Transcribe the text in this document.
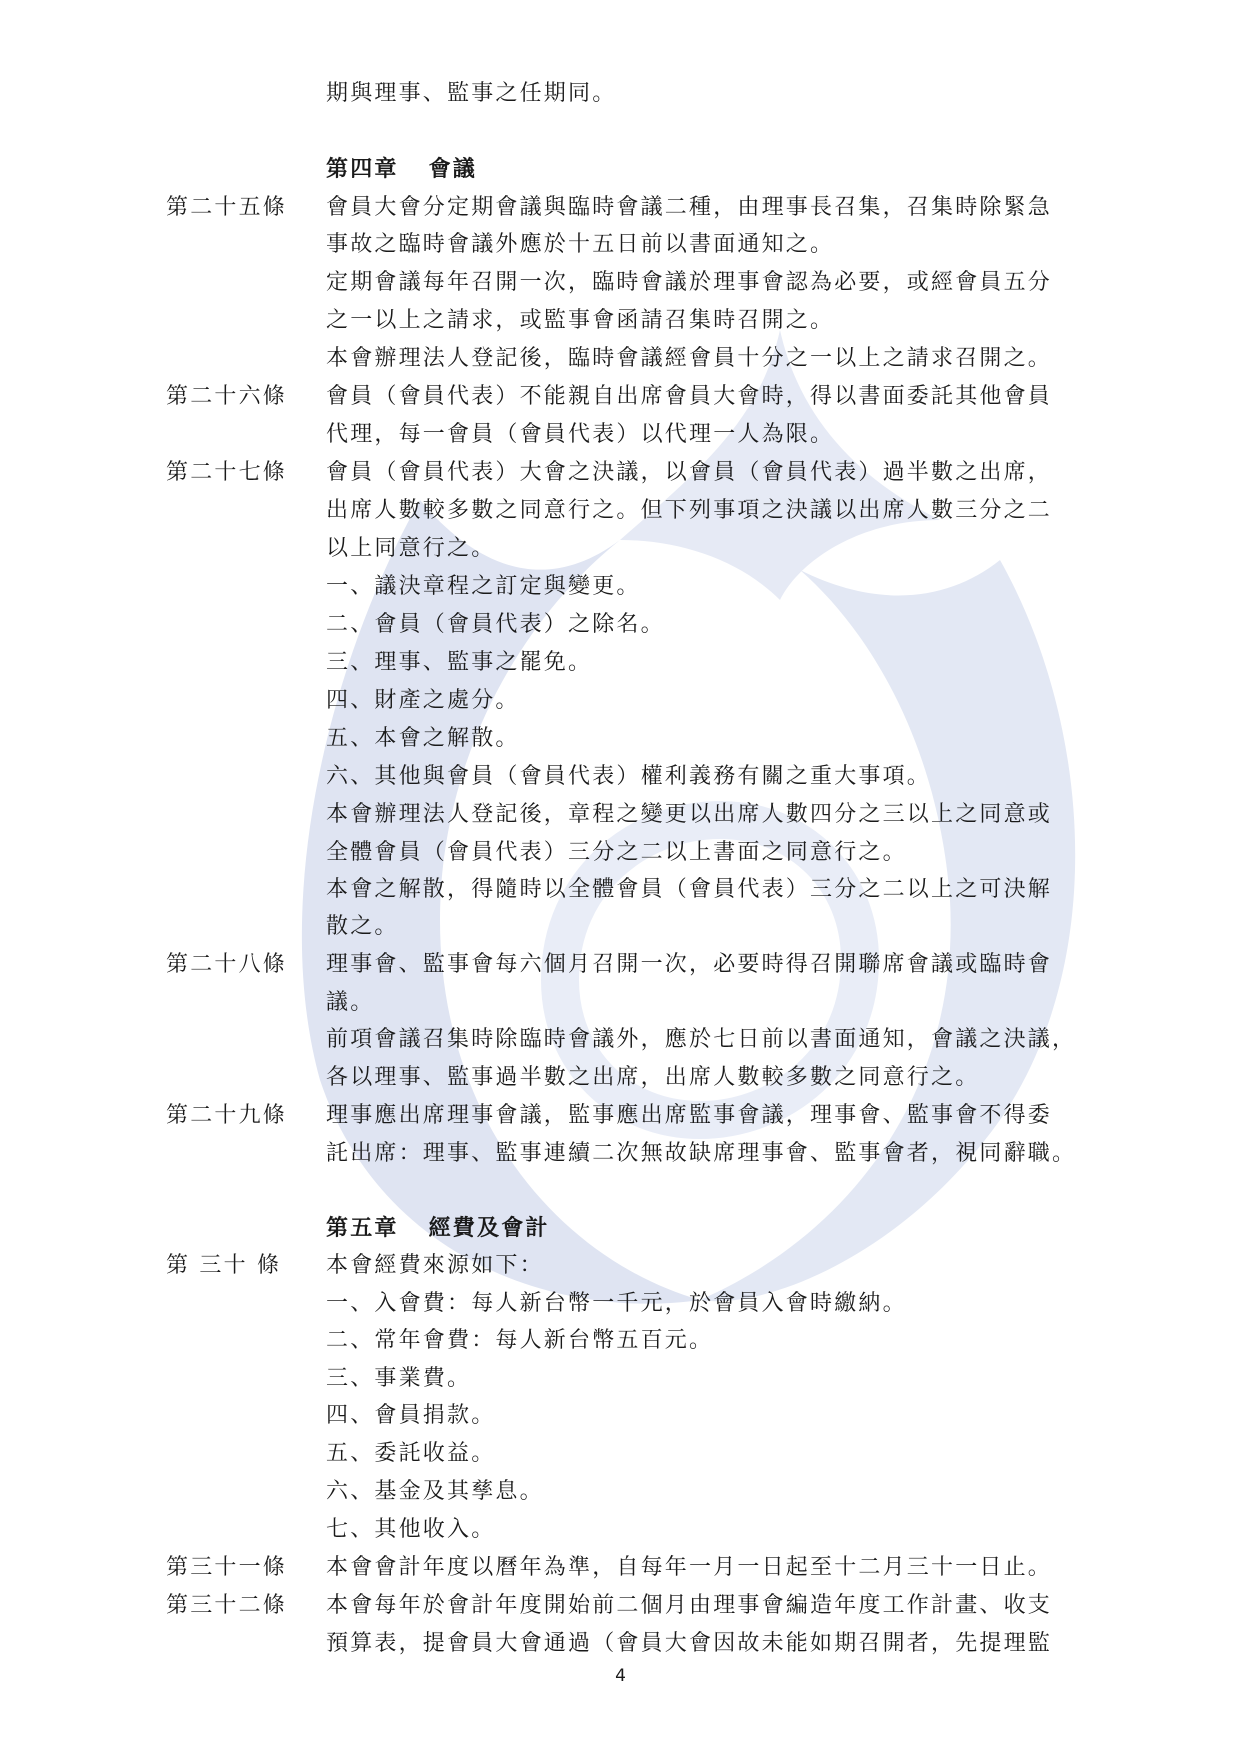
期與理事、監事之任期同。
第四章 會議
第二十五條	會員大會分定期會議與臨時會議二種，由理事長召集，召集時除緊急
事故之臨時會議外應於十五日前以書面通知之。
定期會議每年召開一次，臨時會議於理事會認為必要，或經會員五分
之一以上之請求，或監事會函請召集時召開之。
本會辦理法人登記後，臨時會議經會員十分之一以上之請求召開之。
第二十六條	會員（會員代表）不能親自出席會員大會時，得以書面委託其他會員
代理，每一會員（會員代表）以代理一人為限。
第二十七條	會員（會員代表）大會之決議，以會員（會員代表）過半數之出席，
出席人數較多數之同意行之。但下列事項之決議以出席人數三分之二
以上同意行之。
一、議決章程之訂定與變更。
二、會員（會員代表）之除名。
三、理事、監事之罷免。
四、財產之處分。
五、本會之解散。
六、其他與會員（會員代表）權利義務有關之重大事項。
本會辦理法人登記後，章程之變更以出席人數四分之三以上之同意或
全體會員（會員代表）三分之二以上書面之同意行之。
本會之解散，得隨時以全體會員（會員代表）三分之二以上之可決解
散之。
第二十八條	理事會、監事會每六個月召開一次，必要時得召開聯席會議或臨時會
議。
前項會議召集時除臨時會議外，應於七日前以書面通知，會議之決議，
各以理事、監事過半數之出席，出席人數較多數之同意行之。
第二十九條	理事應出席理事會議，監事應出席監事會議，理事會、監事會不得委
託出席：理事、監事連續二次無故缺席理事會、監事會者，視同辭職。
第五章 經費及會計
第 三十 條	本會經費來源如下：
一、入會費：每人新台幣一千元，於會員入會時繳納。
二、常年會費：每人新台幣五百元。
三、事業費。
四、會員捐款。
五、委託收益。
六、基金及其孳息。
七、其他收入。
第三十一條	本會會計年度以曆年為準，自每年一月一日起至十二月三十一日止。
第三十二條	本會每年於會計年度開始前二個月由理事會編造年度工作計畫、收支
預算表，提會員大會通過（會員大會因故未能如期召開者，先提理監
4
